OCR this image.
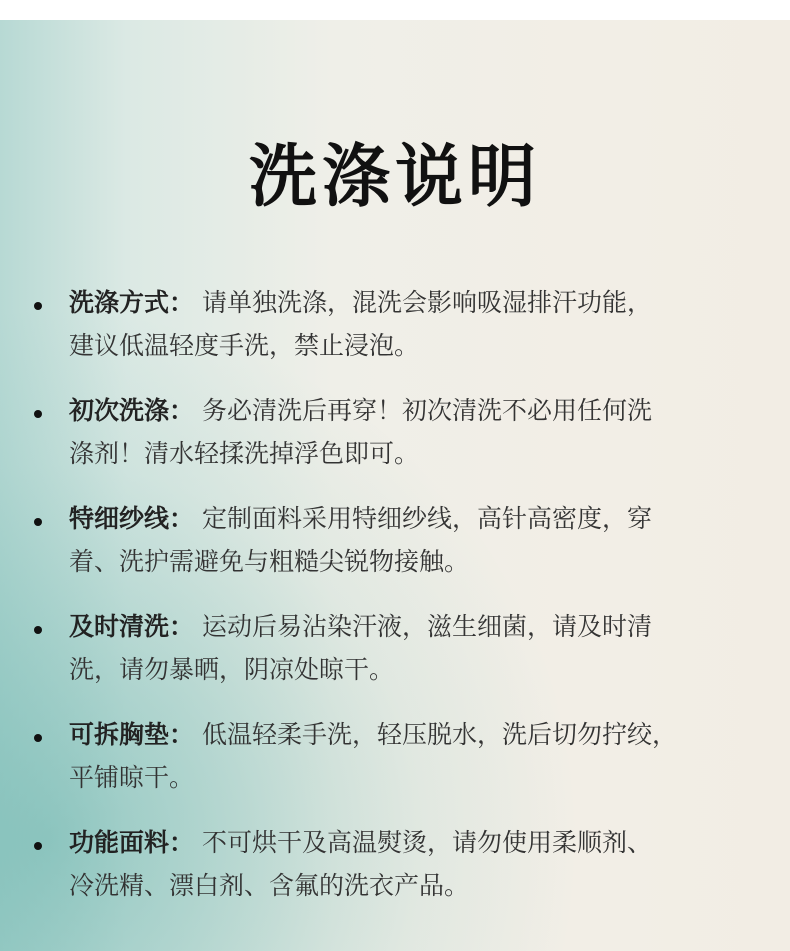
洗涤说明
洗涤方式： 请单独洗涤，混洗会影响吸湿排汗功能，
建议低温轻度手洗，禁止浸泡。
初次洗涤： 务必清洗后再穿！初次清洗不必用任何洗
涤剂！清水轻揉洗掉浮色即可。
特细纱线： 定制面料采用特细纱线，高针高密度，穿
着、洗护需避免与粗糙尖锐物接触。
及时清洗： 运动后易沾染汗液，滋生细菌，请及时清
洗，请勿暴晒，阴凉处晾干。
可拆胸垫： 低温轻柔手洗，轻压脱水，洗后切勿拧绞，
平铺晾干。
功能面料： 不可烘干及高温熨烫，请勿使用柔顺剂、
冷洗精、漂白剂、含氟的洗衣产品。
